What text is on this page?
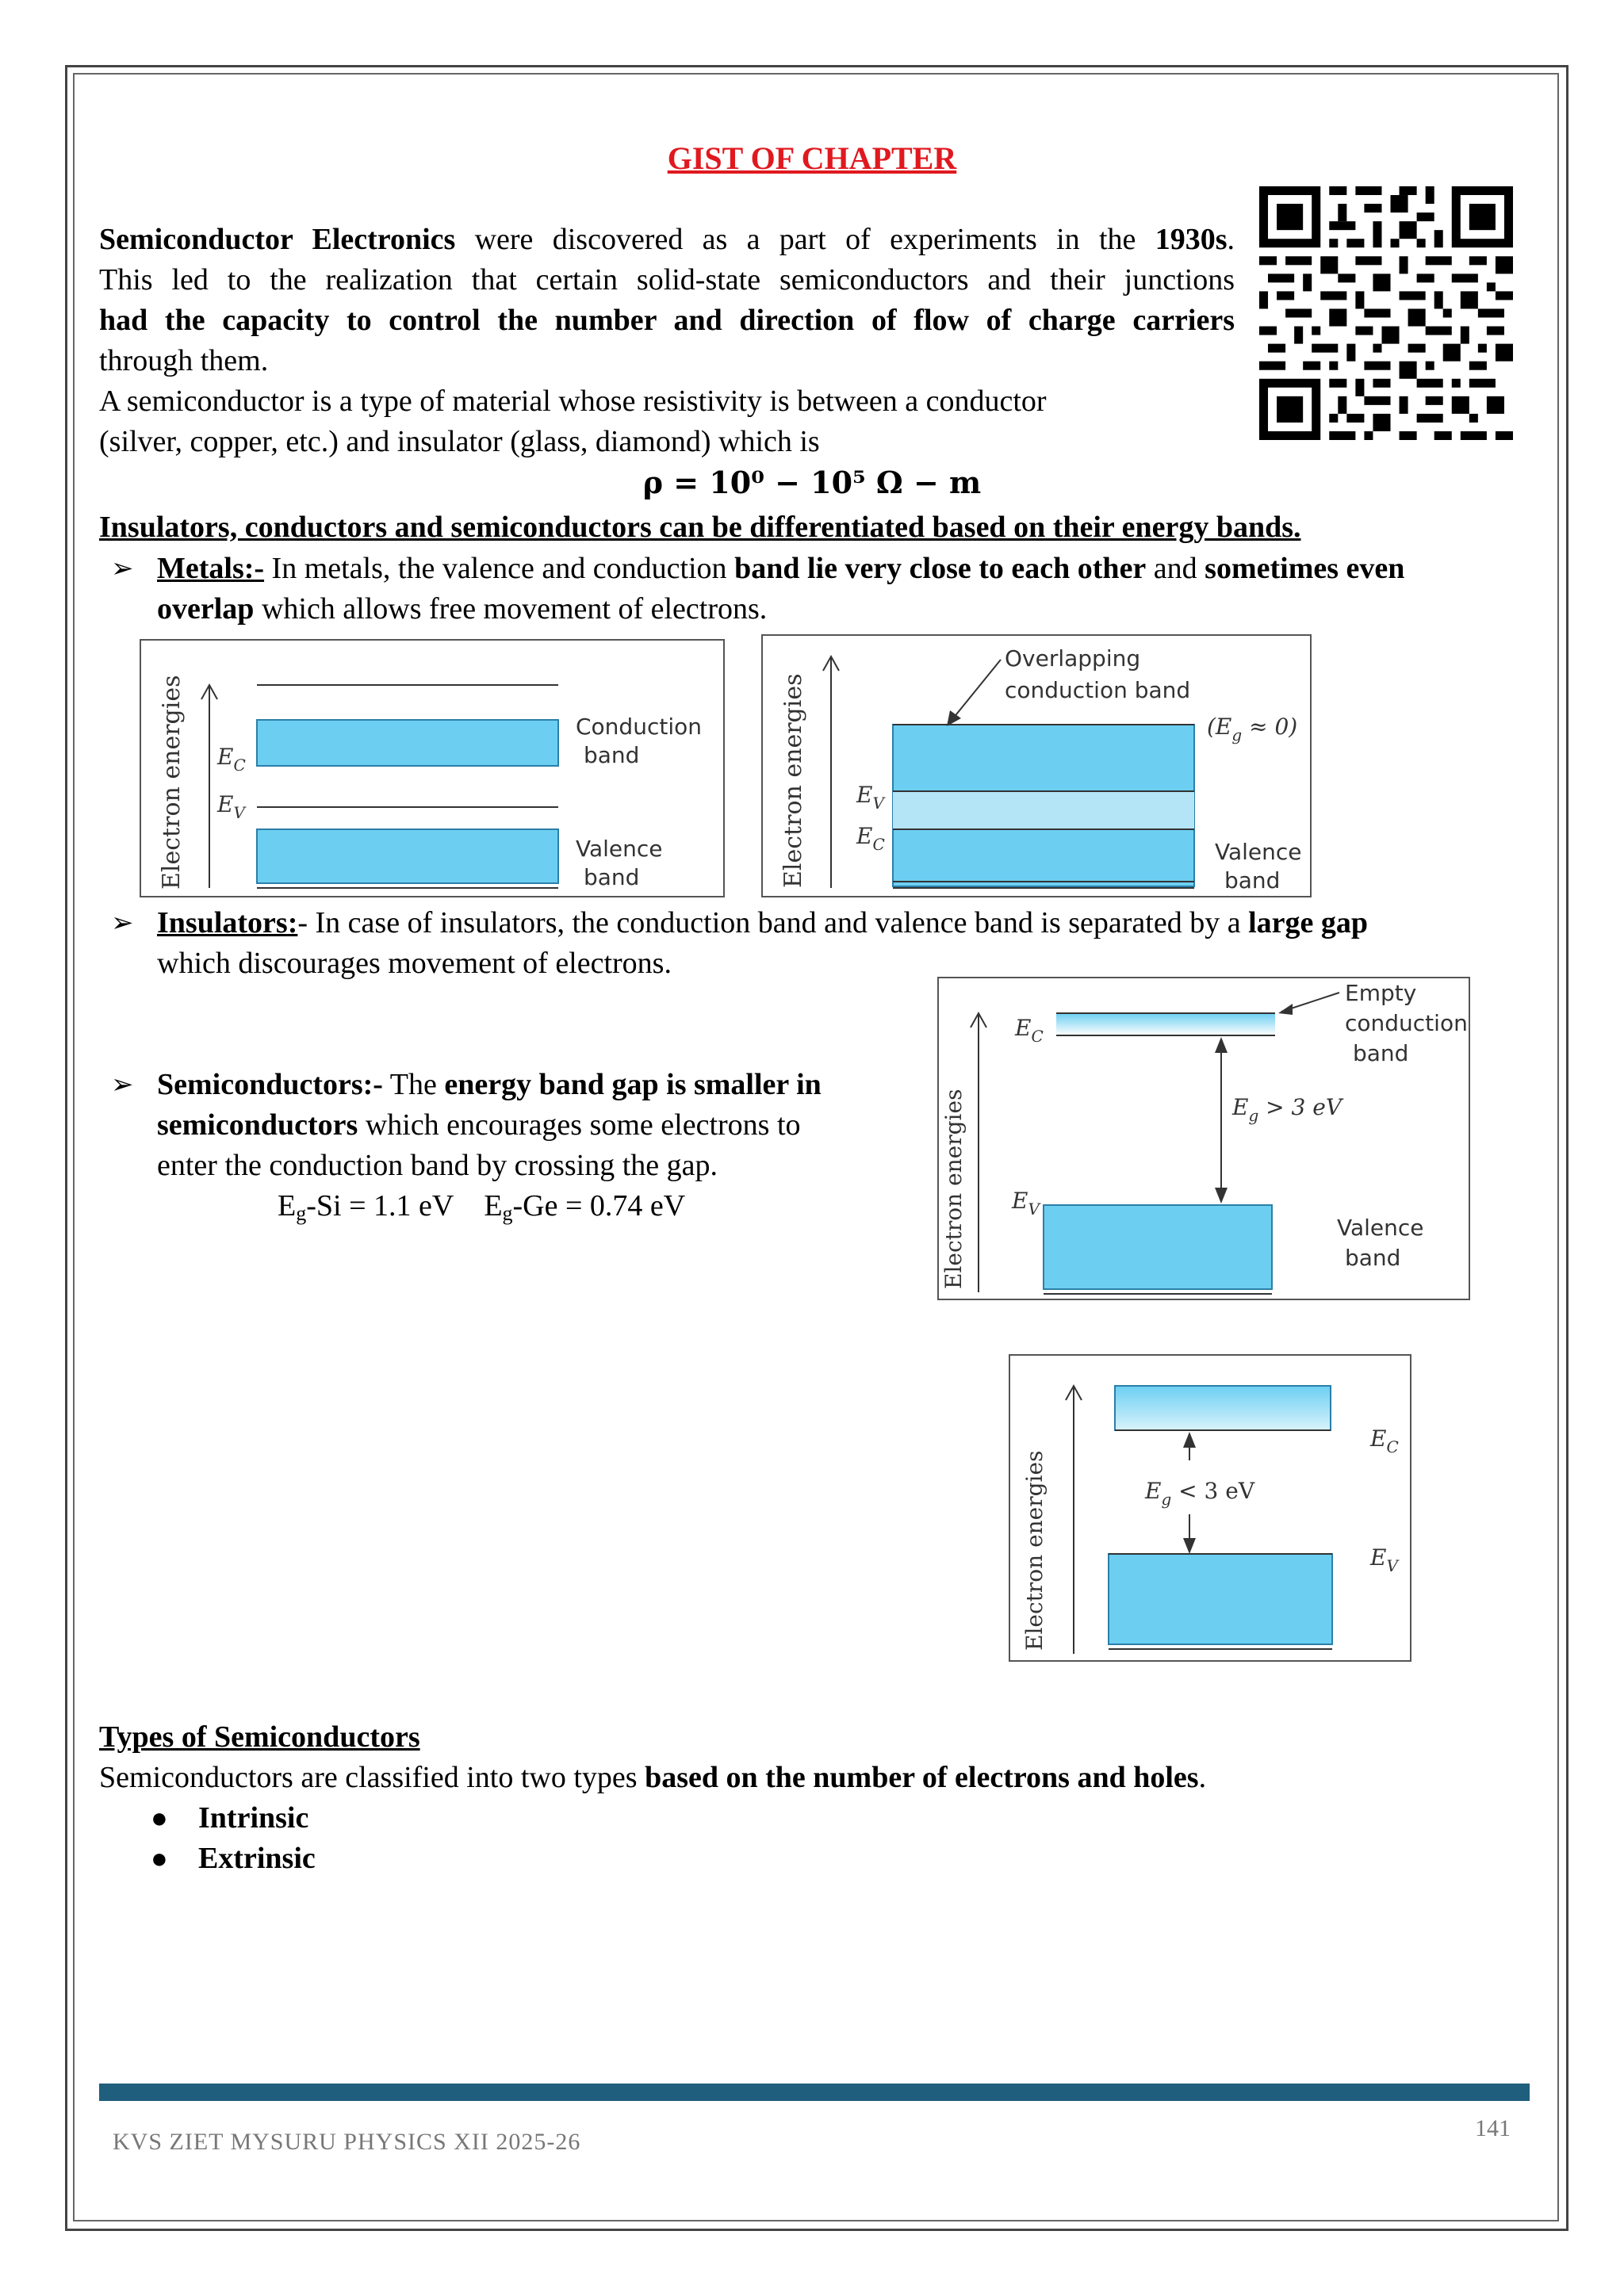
GIST OF CHAPTER
Semiconductor Electronics were discovered as a part of experiments in the 1930s.
This led to the realization that certain solid-state semiconductors and their junctions
had the capacity to control the number and direction of flow of charge carriers
through them.
A semiconductor is a type of material whose resistivity is between a conductor
(silver, copper, etc.) and insulator (glass, diamond) which is
ρ = 10⁰ − 10⁵ Ω − m
Insulators, conductors and semiconductors can be differentiated based on their energy bands.
➢ Metals:- In metals, the valence and conduction band lie very close to each other and sometimes even
overlap which allows free movement of electrons.
Electron energies $E_C$
$E_V$
Conduction band
Valence band	Electron energies
Overlapping conduction band
$(E_g \approx 0)$
$E_V$
$E_C$	Valence band
➢ Insulators:- In case of insulators, the conduction band and valence band is separated by a large gap
which discourages movement of electrons.
Electron energies
$E_C$
$E_V$
$E_g > 3$ eV
Empty conduction band
Valence band
➢ Semiconductors:- The energy band gap is smaller in
semiconductors which encourages some electrons to
enter the conduction band by crossing the gap.
$E_g-Si = 1.1$ eV $E_g-Ge = 0.74$ eV
Electron energies	$E_g < 3$ eV
$E_C$
$E_V$
Types of Semiconductors
Semiconductors are classified into two types based on the number of electrons and holes.
● Intrinsic
● Extrinsic
KVS ZIET MYSURU PHYSICS XII 2025-26
141
